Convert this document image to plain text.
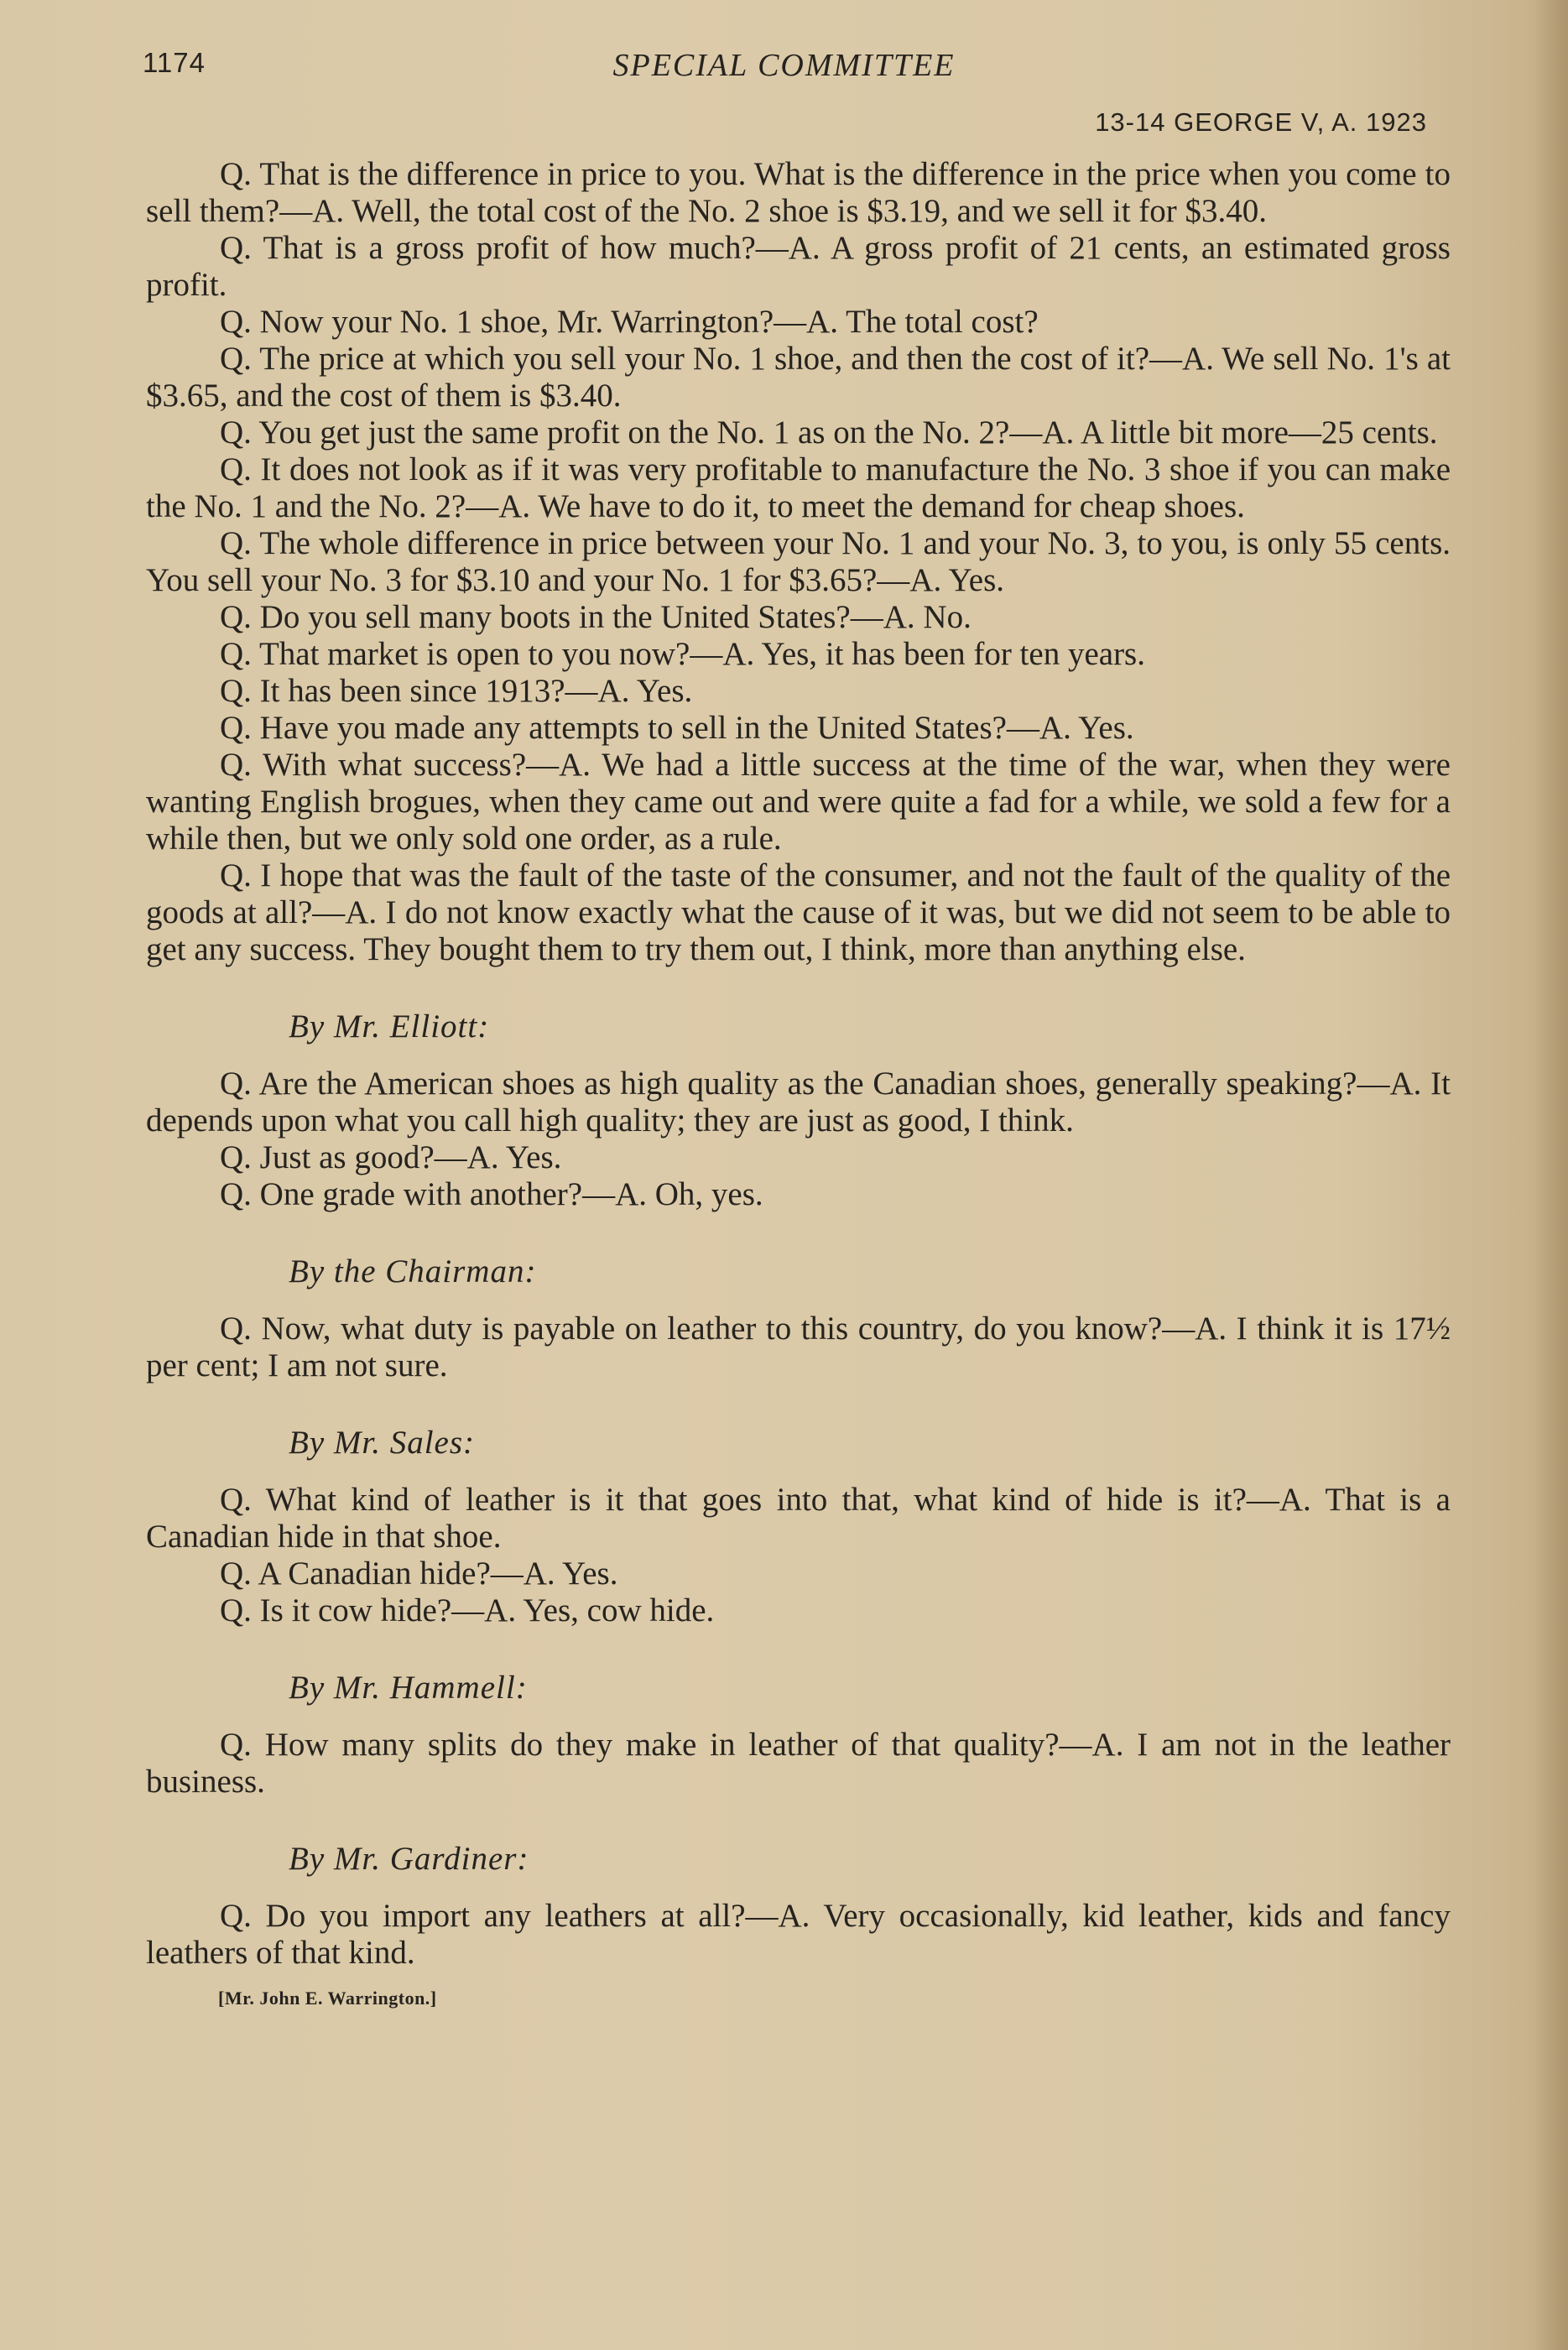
1174	SPECIAL COMMITTEE
13-14 GEORGE V, A. 1923

Q. That is the difference in price to you. What is the difference in the price when you come to sell them?—A. Well, the total cost of the No. 2 shoe is $3.19, and we sell it for $3.40.

Q. That is a gross profit of how much?—A. A gross profit of 21 cents, an estimated gross profit.

Q. Now your No. 1 shoe, Mr. Warrington?—A. The total cost?

Q. The price at which you sell your No. 1 shoe, and then the cost of it?—A. We sell No. 1's at $3.65, and the cost of them is $3.40.

Q. You get just the same profit on the No. 1 as on the No. 2?—A. A little bit more—25 cents.

Q. It does not look as if it was very profitable to manufacture the No. 3 shoe if you can make the No. 1 and the No. 2?—A. We have to do it, to meet the demand for cheap shoes.

Q. The whole difference in price between your No. 1 and your No. 3, to you, is only 55 cents. You sell your No. 3 for $3.10 and your No. 1 for $3.65?—A. Yes.

Q. Do you sell many boots in the United States?—A. No.

Q. That market is open to you now?—A. Yes, it has been for ten years.

Q. It has been since 1913?—A. Yes.

Q. Have you made any attempts to sell in the United States?—A. Yes.

Q. With what success?—A. We had a little success at the time of the war, when they were wanting English brogues, when they came out and were quite a fad for a while, we sold a few for a while then, but we only sold one order, as a rule.

Q. I hope that was the fault of the taste of the consumer, and not the fault of the quality of the goods at all?—A. I do not know exactly what the cause of it was, but we did not seem to be able to get any success. They bought them to try them out, I think, more than anything else.

By Mr. Elliott:

Q. Are the American shoes as high quality as the Canadian shoes, generally speaking?—A. It depends upon what you call high quality; they are just as good, I think.

Q. Just as good?—A. Yes.

Q. One grade with another?—A. Oh, yes.

By the Chairman:

Q. Now, what duty is payable on leather to this country, do you know?—A. I think it is 17½ per cent; I am not sure.

By Mr. Sales:

Q. What kind of leather is it that goes into that, what kind of hide is it?—A. That is a Canadian hide in that shoe.

Q. A Canadian hide?—A. Yes.

Q. Is it cow hide?—A. Yes, cow hide.

By Mr. Hammell:

Q. How many splits do they make in leather of that quality?—A. I am not in the leather business.

By Mr. Gardiner:

Q. Do you import any leathers at all?—A. Very occasionally, kid leather, kids and fancy leathers of that kind.

[Mr. John E. Warrington.]
